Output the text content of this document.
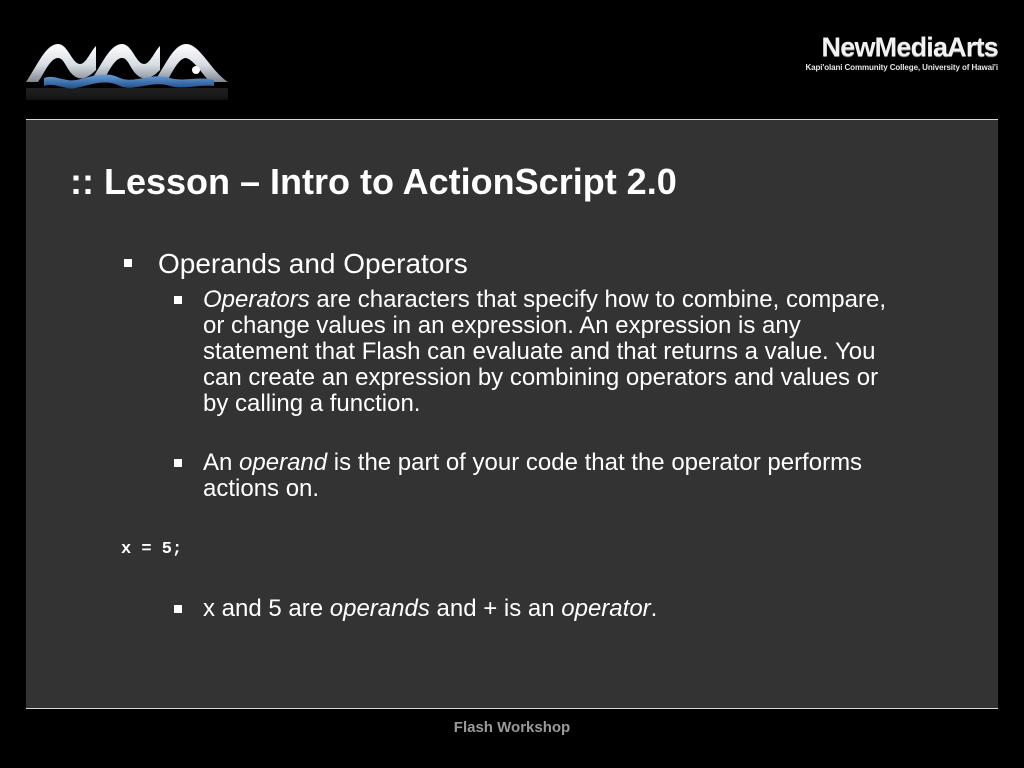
NewMediaArts
Kapi'olani Community College, University of Hawai'i
:: Lesson – Intro to ActionScript 2.0
Operands and Operators
Operators are characters that specify how to combine, compare, or change values in an expression. An expression is any statement that Flash can evaluate and that returns a value. You can create an expression by combining operators and values or by calling a function.
An operand is the part of your code that the operator performs actions on.
x = 5;
x and 5 are operands and + is an operator.
Flash Workshop
